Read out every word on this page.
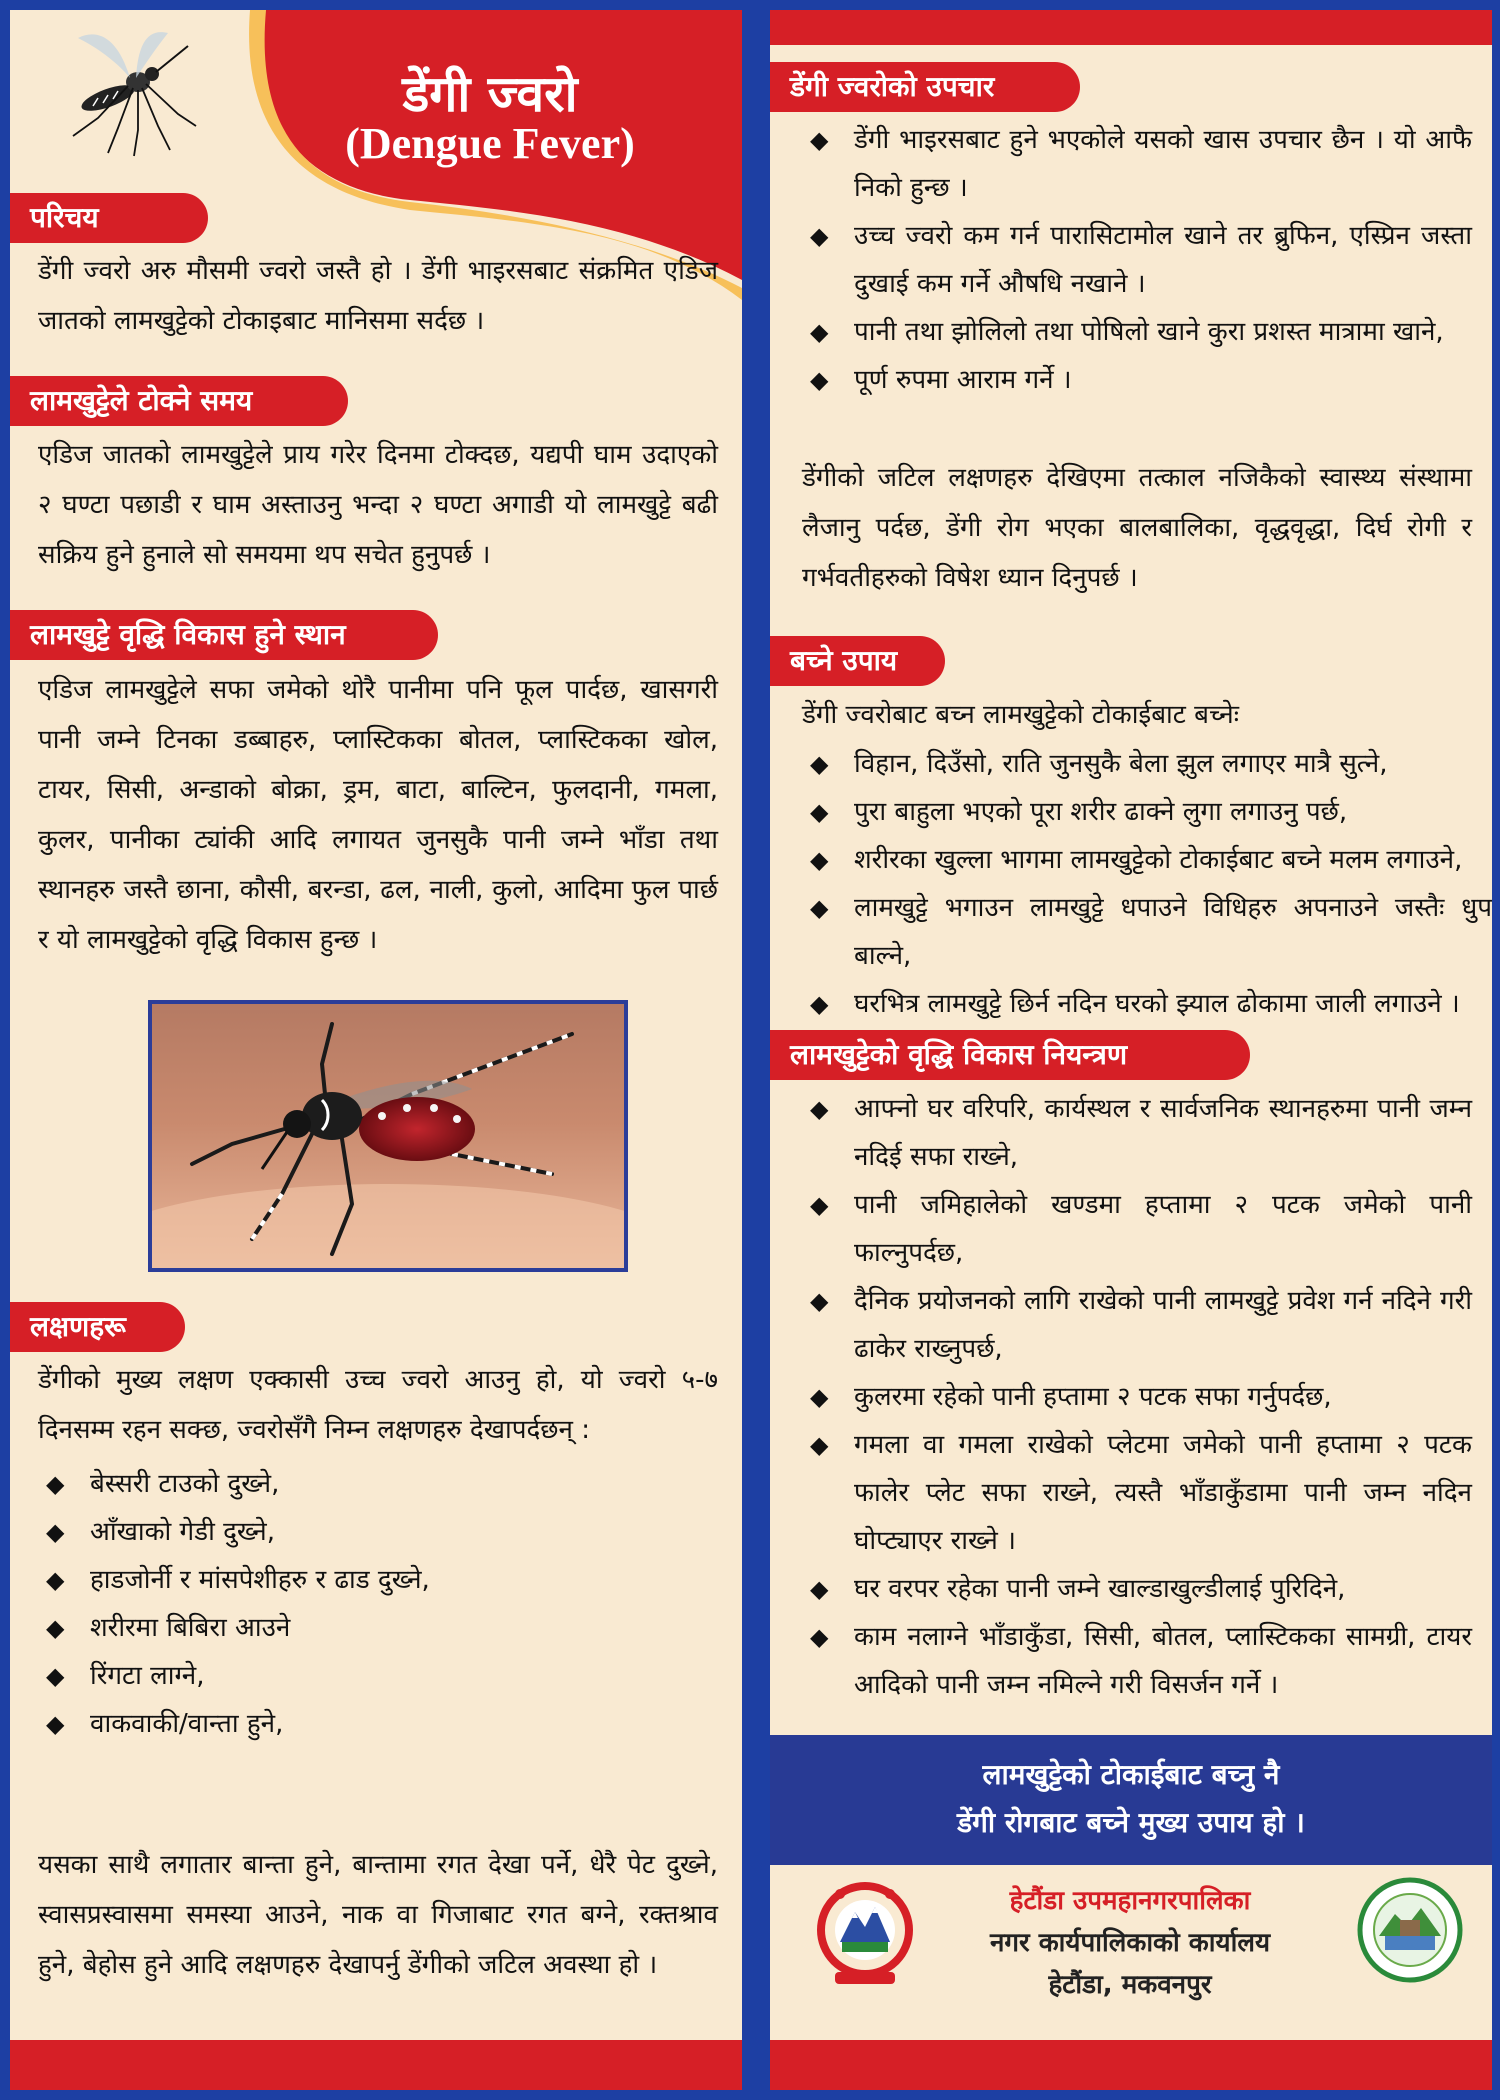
डेंगी ज्वरो
(Dengue Fever)
परिचय

डेंगी ज्वरो अरु मौसमी ज्वरो जस्तै हो । डेंगी भाइरसबाट संक्रमित एडिज जातको लामखुट्टेको टोकाइबाट मानिसमा सर्दछ ।

लामखुट्टेले टोक्ने समय

एडिज जातको लामखुट्टेले प्राय गरेर दिनमा टोक्दछ, यद्यपी घाम उदाएको २ घण्टा पछाडी र घाम अस्ताउनु भन्दा २ घण्टा अगाडी यो लामखुट्टे बढी सक्रिय हुने हुनाले सो समयमा थप सचेत हुनुपर्छ ।

लामखुट्टे वृद्धि विकास हुने स्थान

एडिज लामखुट्टेले सफा जमेको थोरै पानीमा पनि फूल पार्दछ, खासगरी पानी जम्ने टिनका डब्बाहरु, प्लास्टिकका बोतल, प्लास्टिकका खोल, टायर, सिसी, अन्डाको बोक्रा, ड्रम, बाटा, बाल्टिन, फुलदानी, गमला, कुलर, पानीका ट्यांकी आदि लगायत जुनसुकै पानी जम्ने भाँडा तथा स्थानहरु जस्तै छाना, कौसी, बरन्डा, ढल, नाली, कुलो, आदिमा फुल पार्छ र यो लामखुट्टेको वृद्धि विकास हुन्छ ।

लक्षणहरू

डेंगीको मुख्य लक्षण एक्कासी उच्च ज्वरो आउनु हो, यो ज्वरो ५-७ दिनसम्म रहन सक्छ, ज्वरोसँगै निम्न लक्षणहरु देखापर्दछन् :

◆ बेस्सरी टाउको दुख्ने,
◆ आँखाको गेडी दुख्ने,
◆ हाडजोर्नी र मांसपेशीहरु र ढाड दुख्ने,
◆ शरीरमा बिबिरा आउने
◆ रिंगटा लाग्ने,
◆ वाकवाकी/वान्ता हुने,

यसका साथै लगातार बान्ता हुने, बान्तामा रगत देखा पर्ने, धेरै पेट दुख्ने, स्वासप्रस्वासमा समस्या आउने, नाक वा गिजाबाट रगत बग्ने, रक्तश्राव हुने, बेहोस हुने आदि लक्षणहरु देखापर्नु डेंगीको जटिल अवस्था हो ।

डेंगी ज्वरोको उपचार
◆ डेंगी भाइरसबाट हुने भएकोले यसको खास उपचार छैन । यो आफै निको हुन्छ ।
◆ उच्च ज्वरो कम गर्न पारासिटामोल खाने तर ब्रुफिन, एस्प्रिन जस्ता दुखाई कम गर्ने औषधि नखाने ।
◆ पानी तथा झोलिलो तथा पोषिलो खाने कुरा प्रशस्त मात्रामा खाने,
◆ पूर्ण रुपमा आराम गर्ने ।

डेंगीको जटिल लक्षणहरु देखिएमा तत्काल नजिकैको स्वास्थ्य संस्थामा लैजानु पर्दछ, डेंगी रोग भएका बालबालिका, वृद्धवृद्धा, दिर्घ रोगी र गर्भवतीहरुको विषेश ध्यान दिनुपर्छ ।

बच्ने उपाय

डेंगी ज्वरोबाट बच्न लामखुट्टेको टोकाईबाट बच्नेः

◆ विहान, दिउँसो, राति जुनसुकै बेला झुल लगाएर मात्रै सुत्ने,
◆ पुरा बाहुला भएको पूरा शरीर ढाक्ने लुगा लगाउनु पर्छ,
◆ शरीरका खुल्ला भागमा लामखुट्टेको टोकाईबाट बच्ने मलम लगाउने,
◆ लामखुट्टे भगाउन लामखुट्टे धपाउने विधिहरु अपनाउने जस्तैः धुप बाल्ने,
◆ घरभित्र लामखुट्टे छिर्न नदिन घरको झ्याल ढोकामा जाली लगाउने ।
लामखुट्टेको वृद्धि विकास नियन्त्रण
◆ आफ्नो घर वरिपरि, कार्यस्थल र सार्वजनिक स्थानहरुमा पानी जम्न नदिई सफा राख्ने,
◆ पानी जमिहालेको खण्डमा हप्तामा २ पटक जमेको पानी फाल्नुपर्दछ,
◆ दैनिक प्रयोजनको लागि राखेको पानी लामखुट्टे प्रवेश गर्न नदिने गरी ढाकेर राख्नुपर्छ,
◆ कुलरमा रहेको पानी हप्तामा २ पटक सफा गर्नुपर्दछ,
◆ गमला वा गमला राखेको प्लेटमा जमेको पानी हप्तामा २ पटक फालेर प्लेट सफा राख्ने, त्यस्तै भाँडाकुँडामा पानी जम्न नदिन घोप्ट्याएर राख्ने ।
◆ घर वरपर रहेका पानी जम्ने खाल्डाखुल्डीलाई पुरिदिने,
◆ काम नलाग्ने भाँडाकुँडा, सिसी, बोतल, प्लास्टिकका सामग्री, टायर आदिको पानी जम्न नमिल्ने गरी विसर्जन गर्ने ।
लामखुट्टेको टोकाईबाट बच्नु नै
डेंगी रोगबाट बच्ने मुख्य उपाय हो ।
हेटौंडा उपमहानगरपालिका
नगर कार्यपालिकाको कार्यालय
हेटौंडा, मकवनपुर
